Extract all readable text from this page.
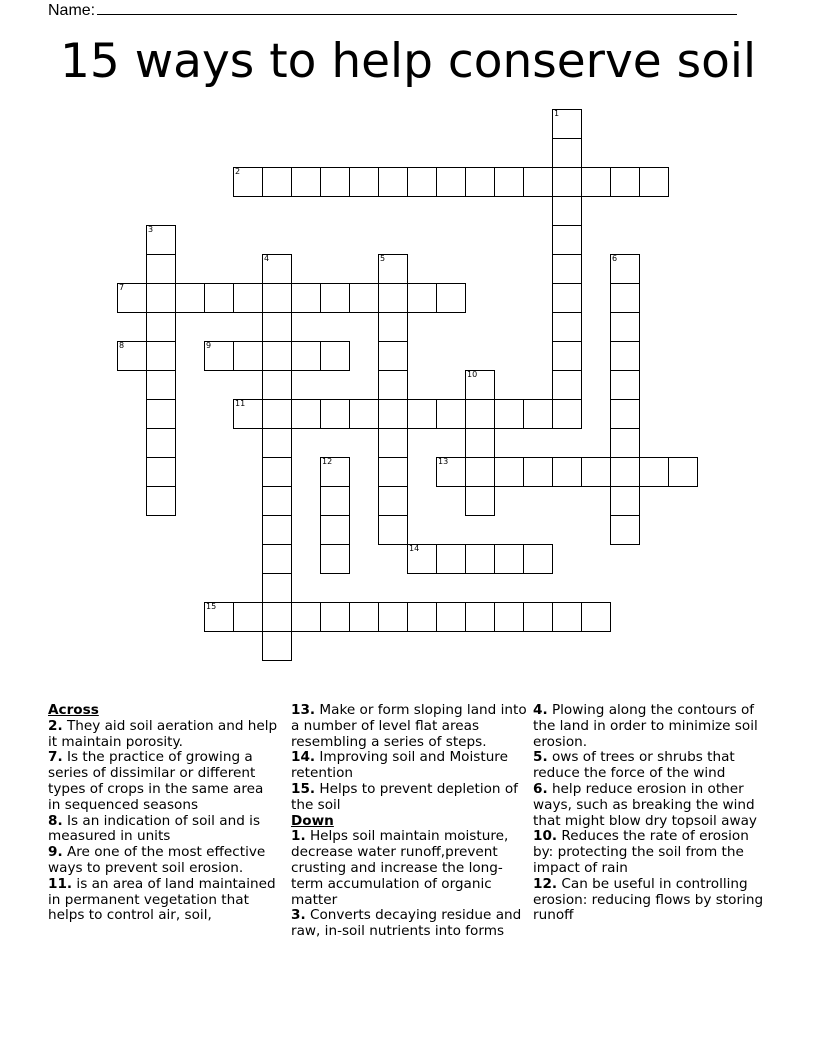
Name:
15 ways to help conserve soil
1
2
3
4	5	6
7
8	9
10
11
12	13
14
15

Across

2. They aid soil aeration and help it maintain porosity.

7. Is the practice of growing a series of dissimilar or different types of crops in the same area in sequenced seasons

8. Is an indication of soil and is measured in units

9. Are one of the most effective ways to prevent soil erosion.

11. is an area of land maintained in permanent vegetation that helps to control air, soil,

13. Make or form sloping land into a number of level flat areas resembling a series of steps.

14. Improving soil and Moisture retention

15. Helps to prevent depletion of the soil

Down

1. Helps soil maintain moisture, decrease water runoff,prevent crusting and increase the long-term accumulation of organic matter

3. Converts decaying residue and raw, in-soil nutrients into forms

4. Plowing along the contours of the land in order to minimize soil erosion.

5. ows of trees or shrubs that reduce the force of the wind

6. help reduce erosion in other ways, such as breaking the wind that might blow dry topsoil away

10. Reduces the rate of erosion by: protecting the soil from the impact of rain

12. Can be useful in controlling erosion: reducing flows by storing runoff
